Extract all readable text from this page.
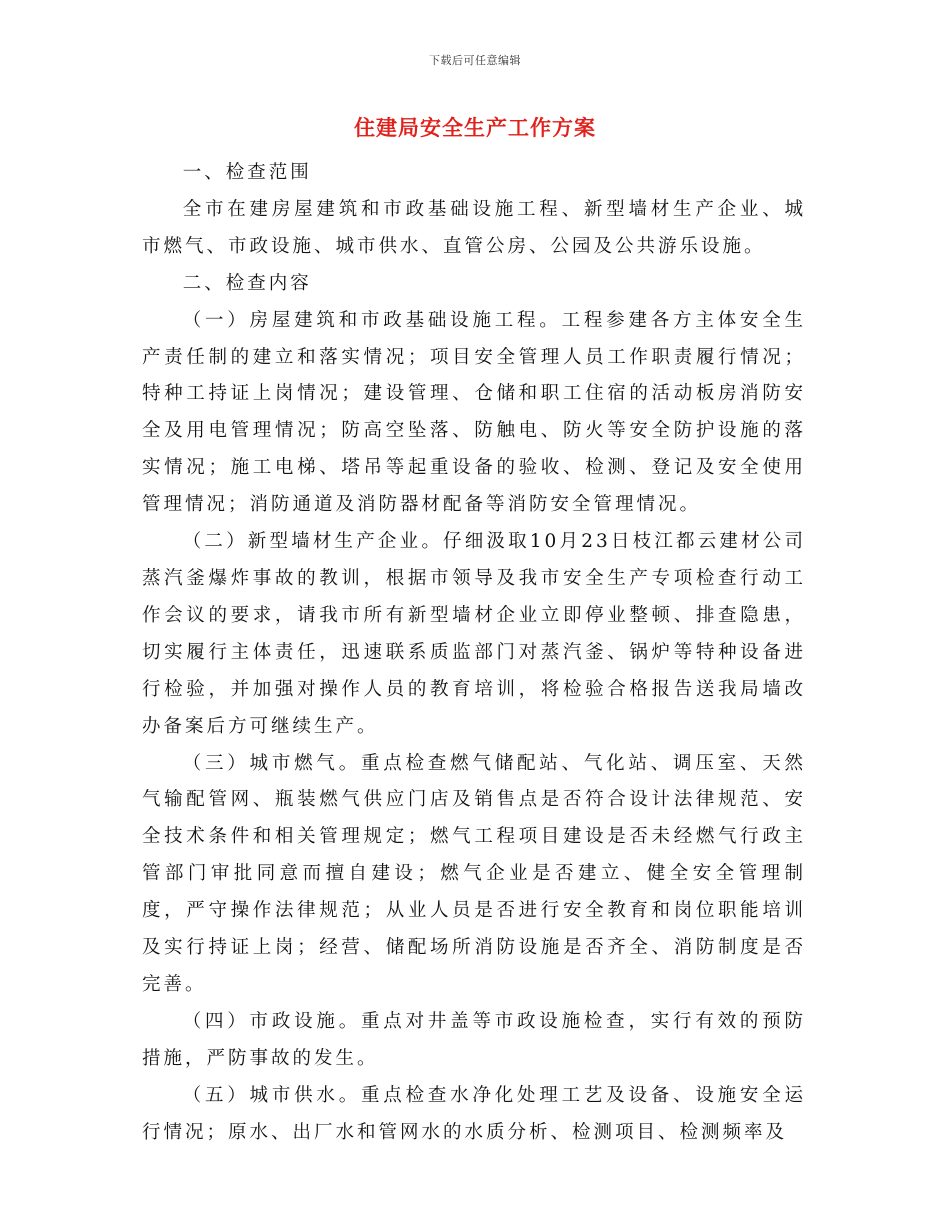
下载后可任意编辑
住建局安全生产工作方案

一、检查范围

全市在建房屋建筑和市政基础设施工程、新型墙材生产企业、城市燃气、市政设施、城市供水、直管公房、公园及公共游乐设施。

二、检查内容

（一）房屋建筑和市政基础设施工程。工程参建各方主体安全生产责任制的建立和落实情况；项目安全管理人员工作职责履行情况；特种工持证上岗情况；建设管理、仓储和职工住宿的活动板房消防安全及用电管理情况；防高空坠落、防触电、防火等安全防护设施的落实情况；施工电梯、塔吊等起重设备的验收、检测、登记及安全使用管理情况；消防通道及消防器材配备等消防安全管理情况。

（二）新型墙材生产企业。仔细汲取10月23日枝江都云建材公司蒸汽釜爆炸事故的教训，根据市领导及我市安全生产专项检查行动工作会议的要求，请我市所有新型墙材企业立即停业整顿、排查隐患，切实履行主体责任，迅速联系质监部门对蒸汽釜、锅炉等特种设备进行检验，并加强对操作人员的教育培训，将检验合格报告送我局墙改办备案后方可继续生产。

（三）城市燃气。重点检查燃气储配站、气化站、调压室、天然气输配管网、瓶装燃气供应门店及销售点是否符合设计法律规范、安全技术条件和相关管理规定；燃气工程项目建设是否未经燃气行政主管部门审批同意而擅自建设；燃气企业是否建立、健全安全管理制度，严守操作法律规范；从业人员是否进行安全教育和岗位职能培训及实行持证上岗；经营、储配场所消防设施是否齐全、消防制度是否完善。

（四）市政设施。重点对井盖等市政设施检查，实行有效的预防措施，严防事故的发生。

（五）城市供水。重点检查水净化处理工艺及设备、设施安全运行情况；原水、出厂水和管网水的水质分析、检测项目、检测频率及
